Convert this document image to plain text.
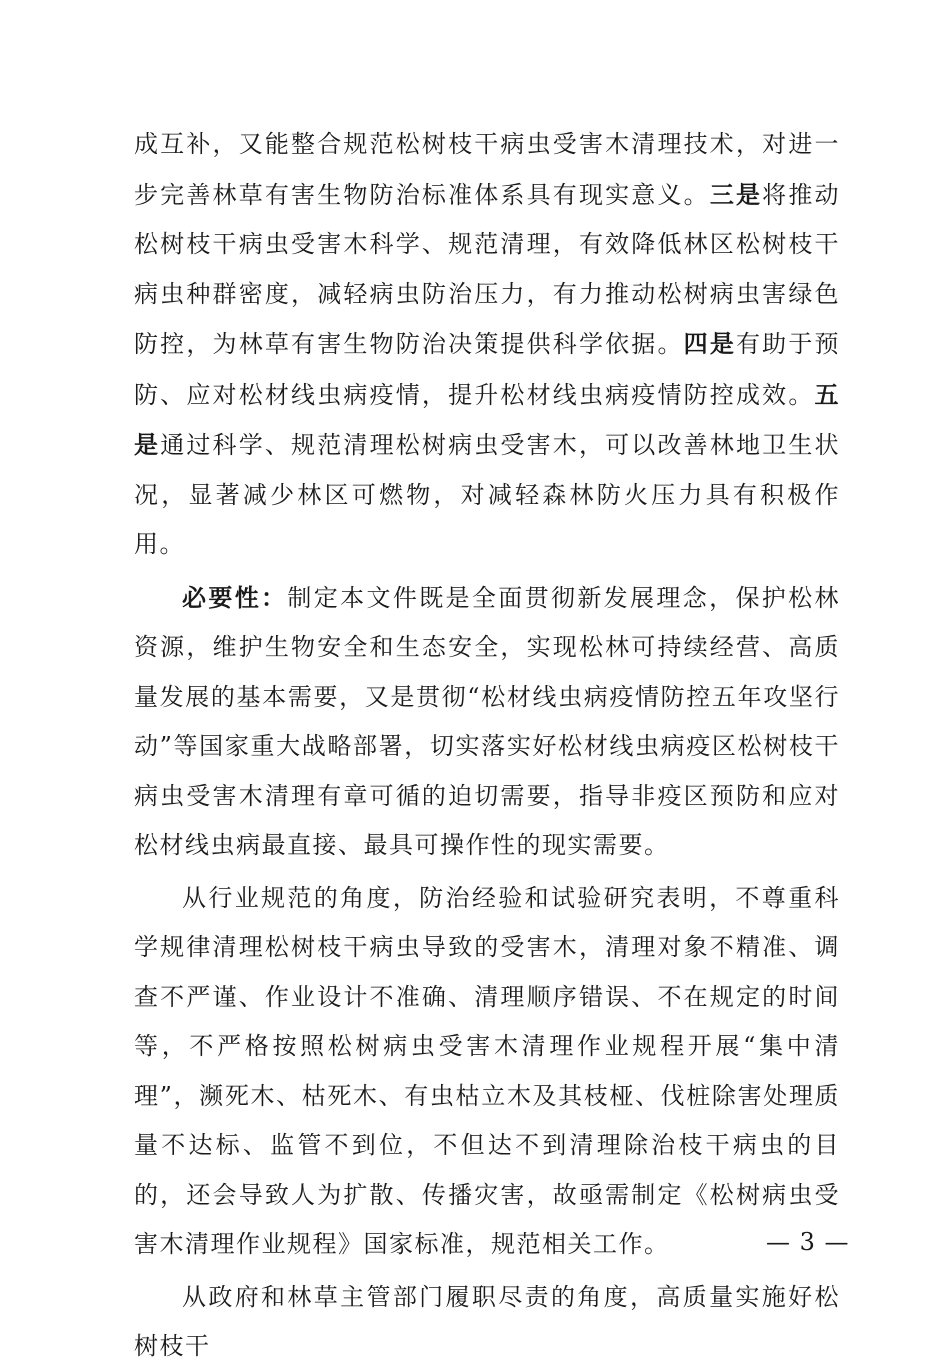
成互补，又能整合规范松树枝干病虫受害木清理技术，对进一步完善林草有害生物防治标准体系具有现实意义。三是将推动松树枝干病虫受害木科学、规范清理，有效降低林区松树枝干病虫种群密度，减轻病虫防治压力，有力推动松树病虫害绿色防控，为林草有害生物防治决策提供科学依据。四是有助于预防、应对松材线虫病疫情，提升松材线虫病疫情防控成效。五是通过科学、规范清理松树病虫受害木，可以改善林地卫生状况，显著减少林区可燃物，对减轻森林防火压力具有积极作用。

必要性：制定本文件既是全面贯彻新发展理念，保护松林资源，维护生物安全和生态安全，实现松林可持续经营、高质量发展的基本需要，又是贯彻“松材线虫病疫情防控五年攻坚行动”等国家重大战略部署，切实落实好松材线虫病疫区松树枝干病虫受害木清理有章可循的迫切需要，指导非疫区预防和应对松材线虫病最直接、最具可操作性的现实需要。

从行业规范的角度，防治经验和试验研究表明，不尊重科学规律清理松树枝干病虫导致的受害木，清理对象不精准、调查不严谨、作业设计不准确、清理顺序错误、不在规定的时间等，不严格按照松树病虫受害木清理作业规程开展“集中清理”，濒死木、枯死木、有虫枯立木及其枝桠、伐桩除害处理质量不达标、监管不到位，不但达不到清理除治枝干病虫的目的，还会导致人为扩散、传播灾害，故亟需制定《松树病虫受害木清理作业规程》国家标准，规范相关工作。

从政府和林草主管部门履职尽责的角度，高质量实施好松树枝干

— 3 —
